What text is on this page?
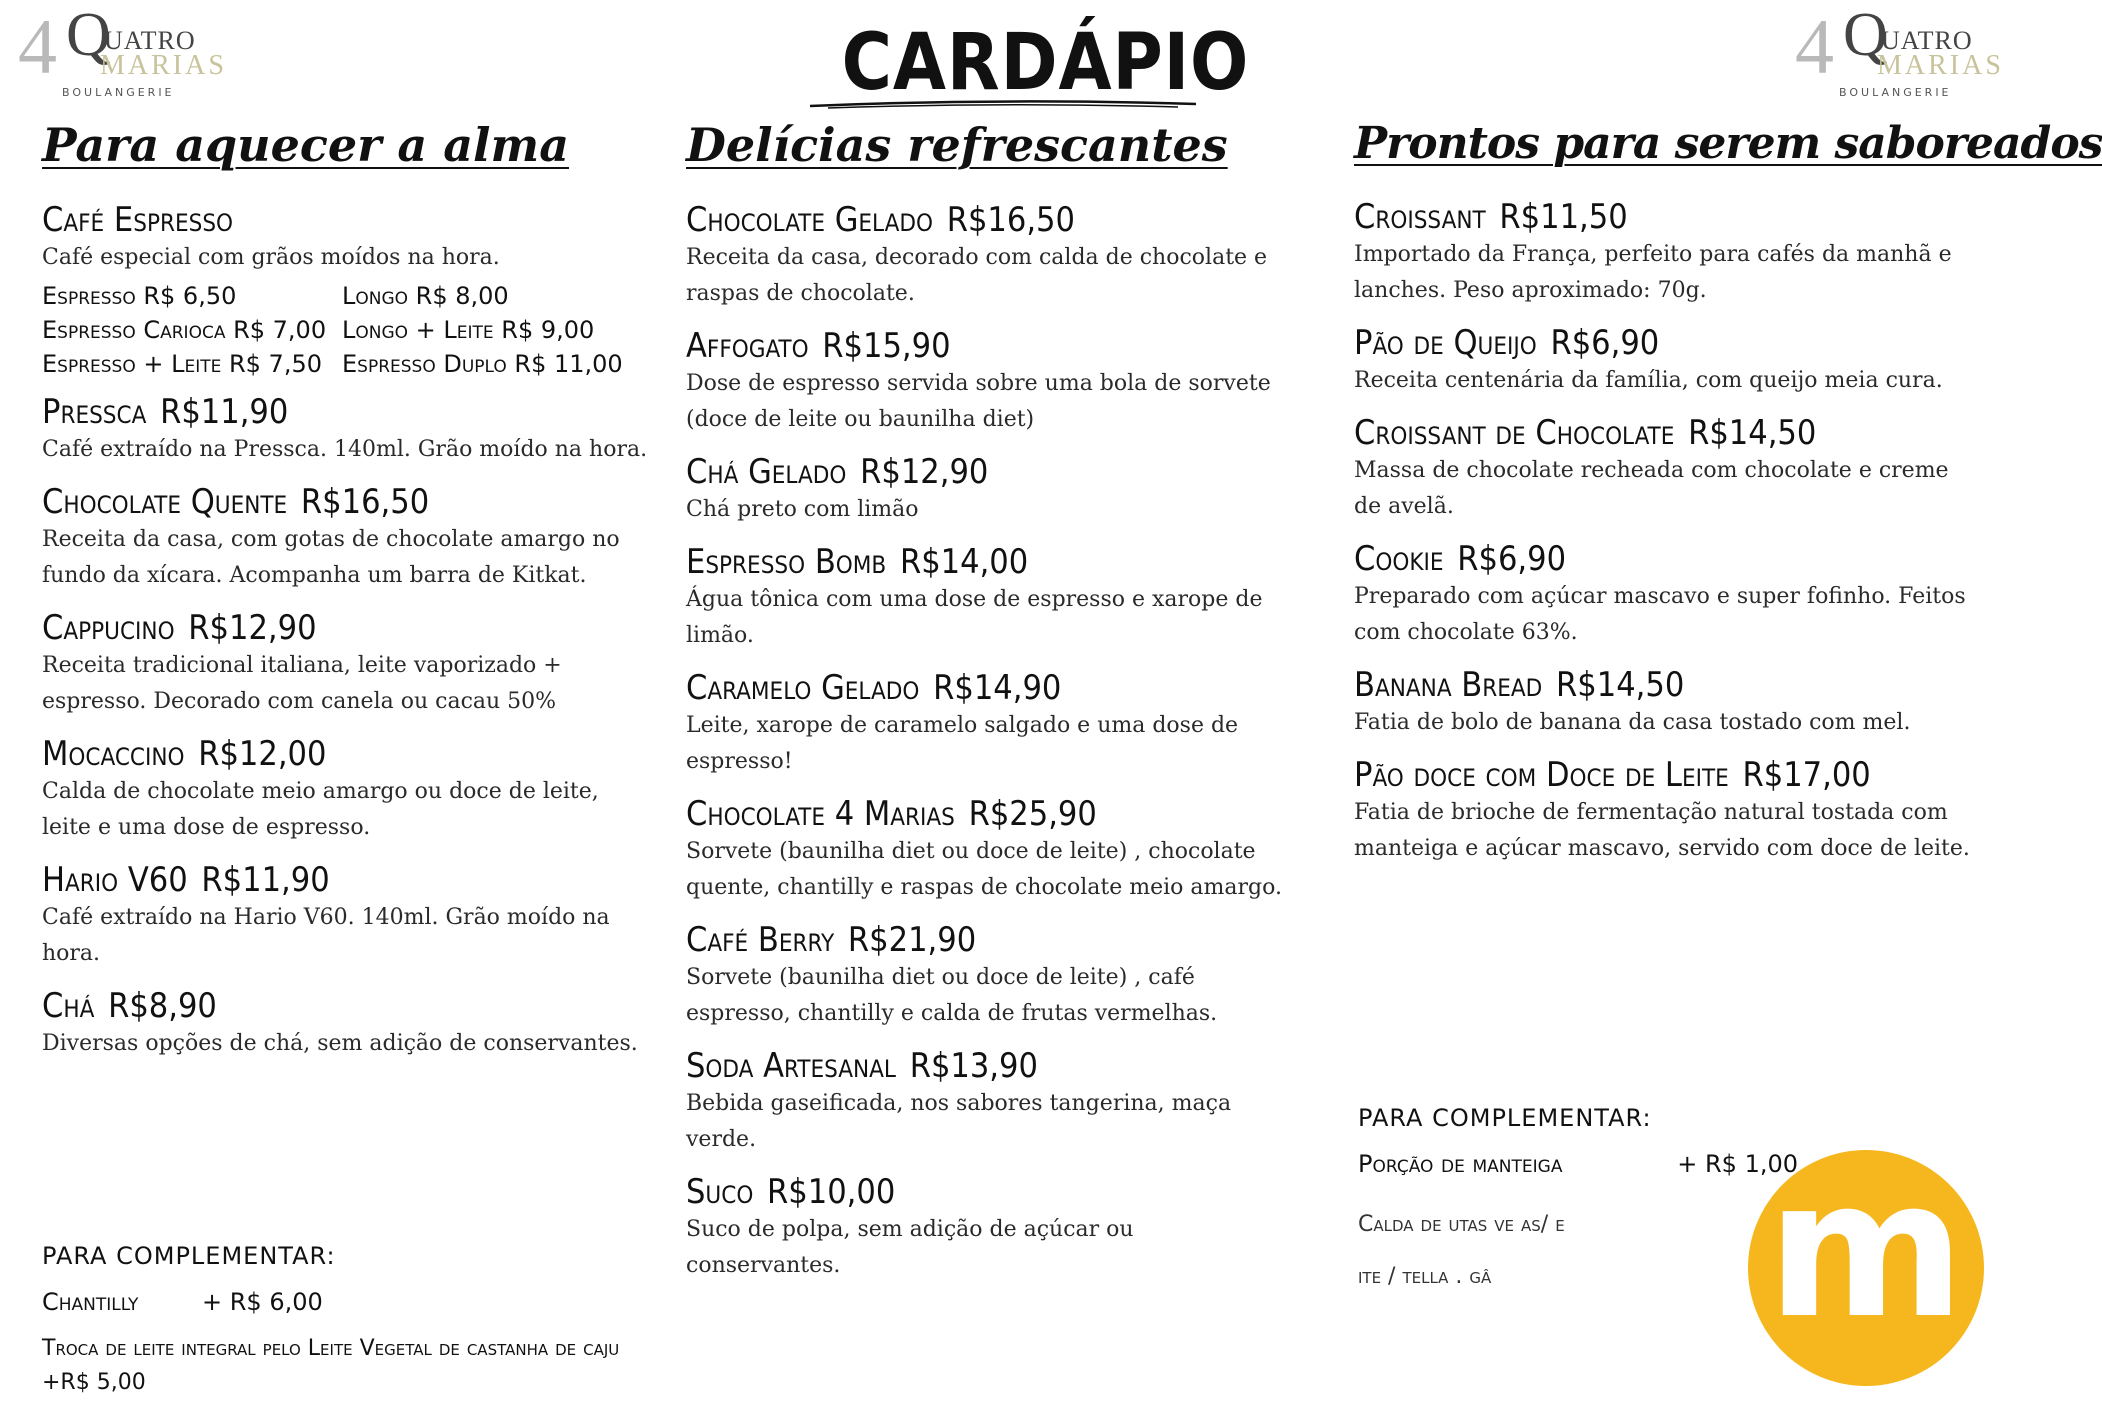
4 Q
UATRO
MARIAS
BOULANGERIE
4 Q
UATRO
MARIAS
BOULANGERIE
CARDÁPIO
Para aquecer a alma
Café Espresso
Café especial com grãos moídos na hora.
Espresso R$ 6,50	Longo R$ 8,00
Espresso Carioca R$ 7,00 Longo + Leite R$ 9,00
Espresso + Leite R$ 7,50 Espresso Duplo R$ 11,00
Pressca R$11,90
Café extraído na Pressca. 140ml. Grão moído na hora.
Chocolate Quente R$16,50
Receita da casa, com gotas de chocolate amargo no fundo da xícara. Acompanha um barra de Kitkat.
Cappucino R$12,90
Receita tradicional italiana, leite vaporizado + espresso. Decorado com canela ou cacau 50%
Mocaccino R$12,00
Calda de chocolate meio amargo ou doce de leite, leite e uma dose de espresso.
Hario V60 R$11,90
Café extraído na Hario V60. 140ml. Grão moído na hora.
Chá R$8,90
Diversas opções de chá, sem adição de conservantes.
Delícias refrescantes
Chocolate Gelado R$16,50
Receita da casa, decorado com calda de chocolate e raspas de chocolate.
Affogato R$15,90
Dose de espresso servida sobre uma bola de sorvete (doce de leite ou baunilha diet)
Chá Gelado R$12,90
Chá preto com limão
Espresso Bomb R$14,00
Água tônica com uma dose de espresso e xarope de limão.
Caramelo Gelado R$14,90
Leite, xarope de caramelo salgado e uma dose de espresso!
Chocolate 4 Marias R$25,90
Sorvete (baunilha diet ou doce de leite) , chocolate quente, chantilly e raspas de chocolate meio amargo.
Café Berry R$21,90
Sorvete (baunilha diet ou doce de leite) , café espresso, chantilly e calda de frutas vermelhas.
Soda Artesanal R$13,90
Bebida gaseificada, nos sabores tangerina, maça verde.
Suco R$10,00
Suco de polpa, sem adição de açúcar ou conservantes.
Prontos para serem saboreados
Croissant R$11,50
Importado da França, perfeito para cafés da manhã e lanches. Peso aproximado: 70g.
Pão de Queijo R$6,90
Receita centenária da família, com queijo meia cura.
Croissant de Chocolate R$14,50
Massa de chocolate recheada com chocolate e creme de avelã.
Cookie R$6,90
Preparado com açúcar mascavo e super fofinho. Feitos com chocolate 63%.
Banana Bread R$14,50
Fatia de bolo de banana da casa tostado com mel.
Pão doce com Doce de Leite R$17,00
Fatia de brioche de fermentação natural tostada com manteiga e açúcar mascavo, servido com doce de leite.
PARA COMPLEMENTAR:
Chantilly	+ R$ 6,00
Troca de leite integral pelo Leite Vegetal de castanha de caju +R$ 5,00
PARA COMPLEMENTAR:
Porção de manteiga	+ R$ 1,00
Calda de utas ve as/ e
ite / tella . gâ	m
